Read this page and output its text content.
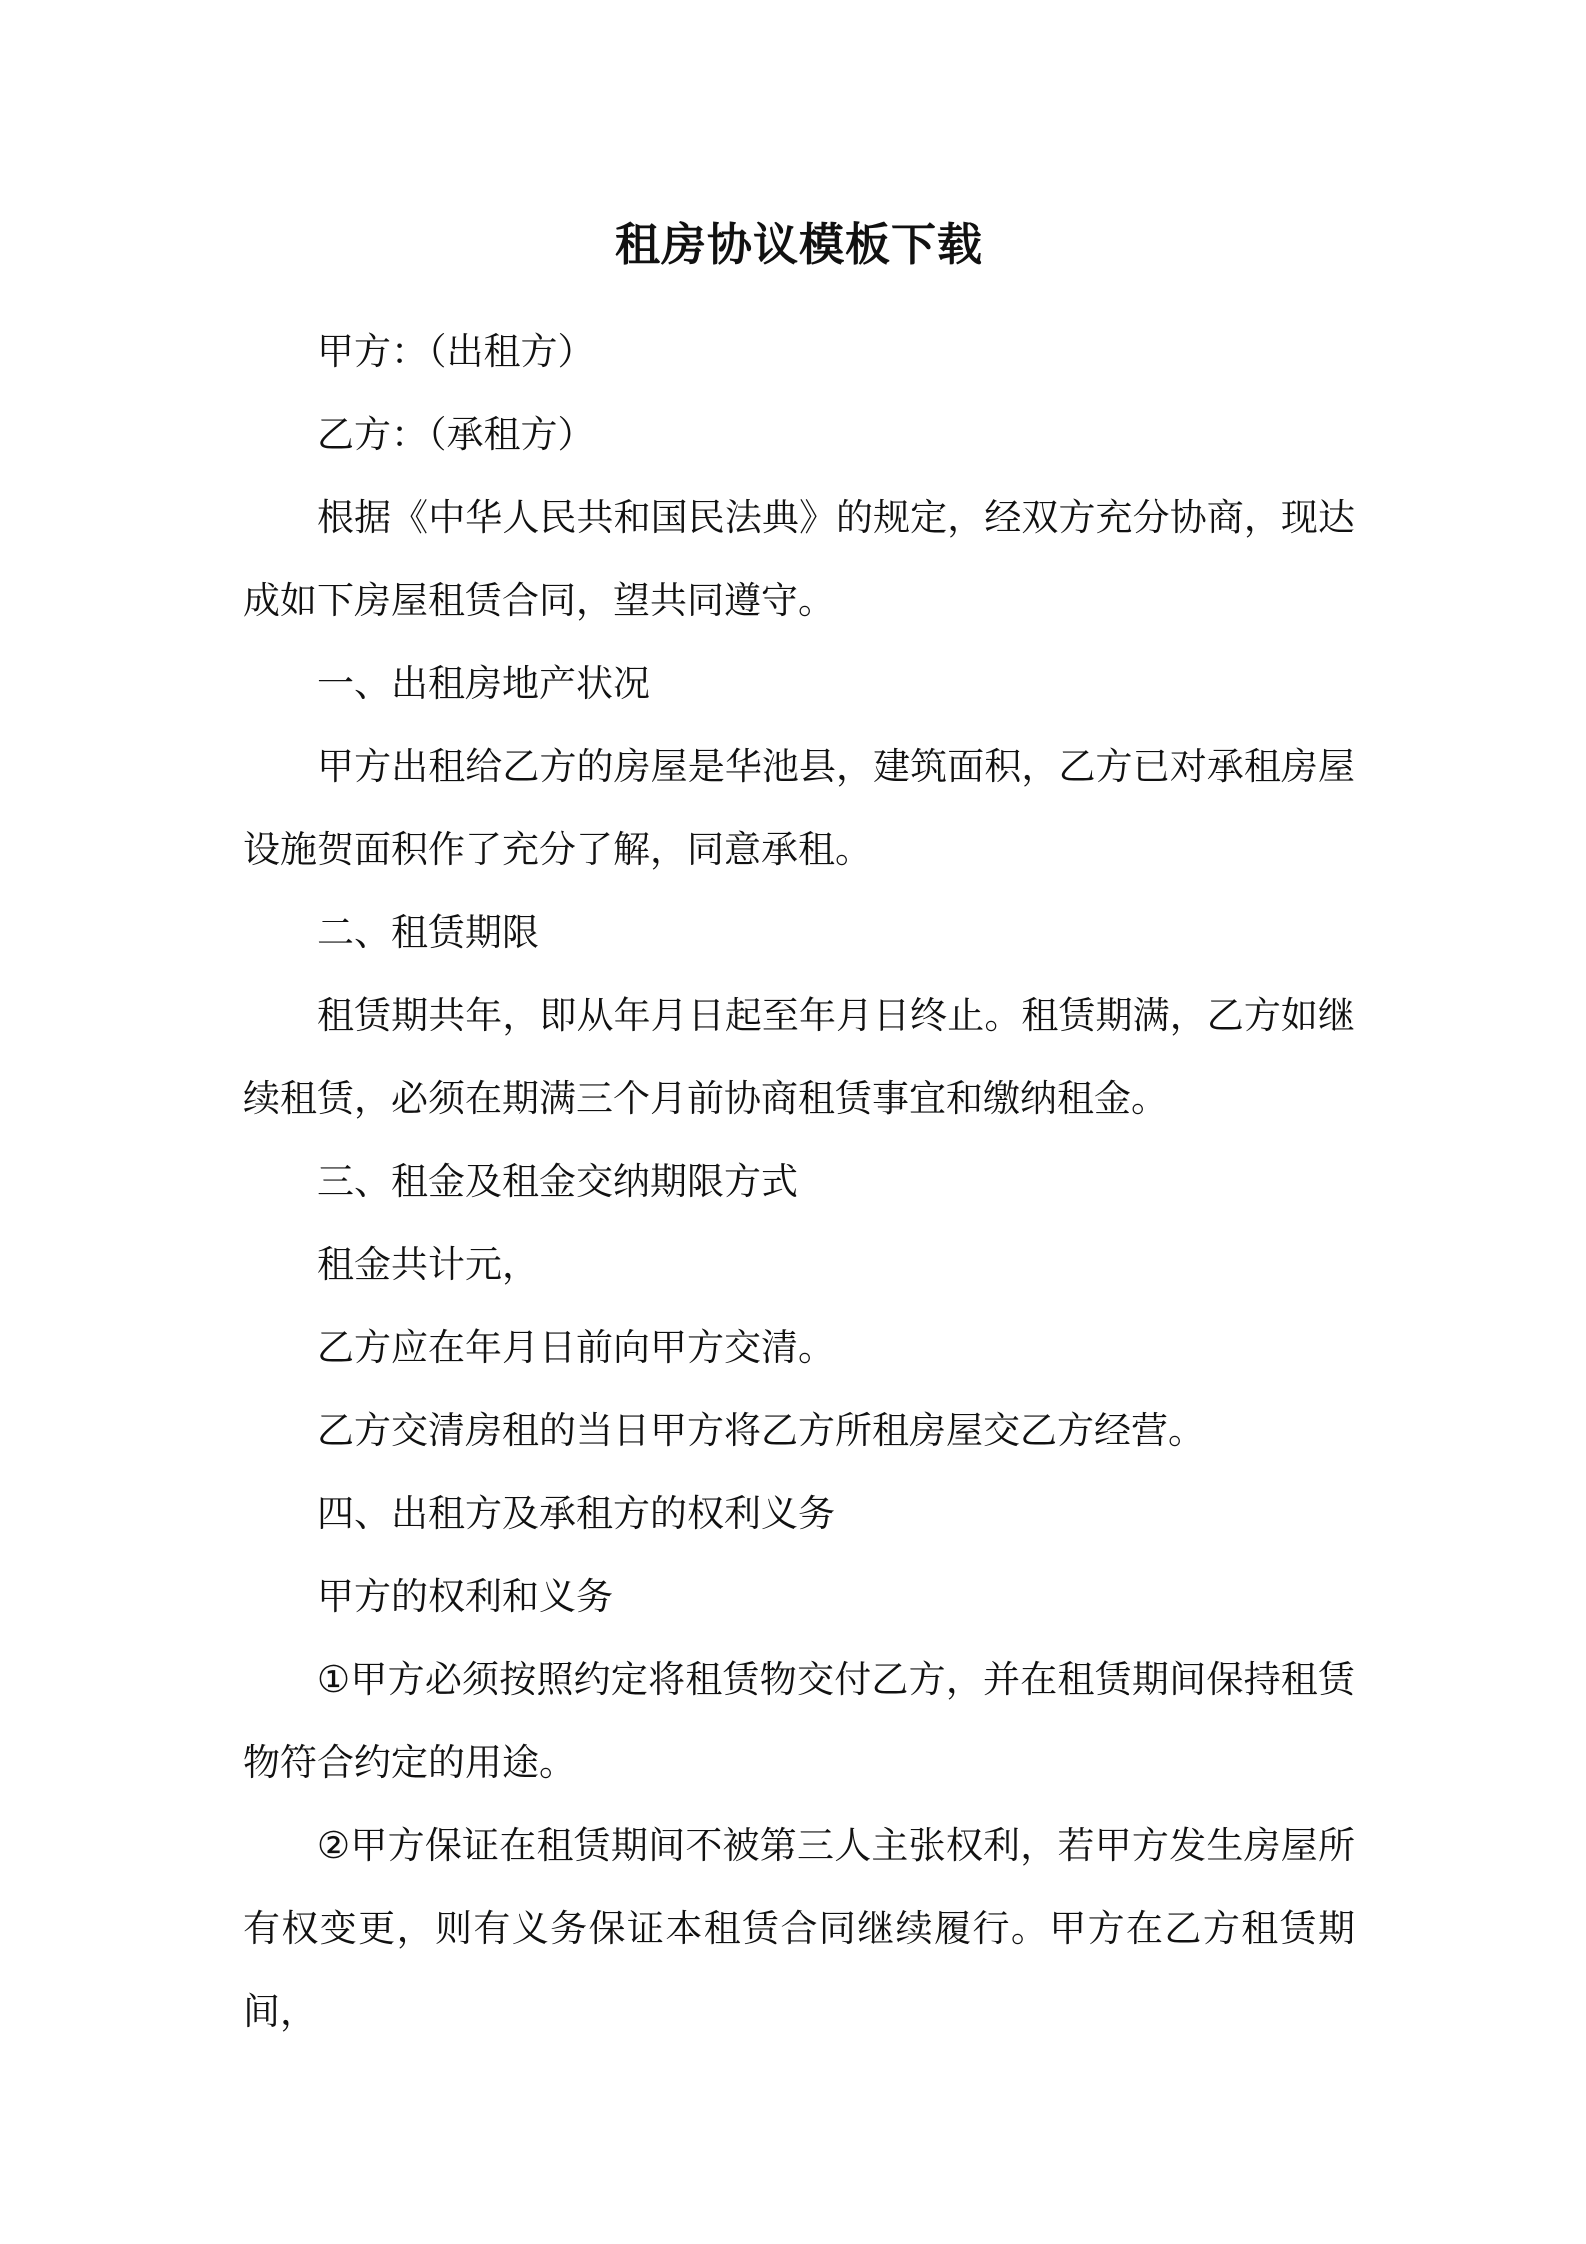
租房协议模板下载

甲方：（出租方）

乙方：（承租方）

根据《中华人民共和国民法典》的规定，经双方充分协商，现达成如下房屋租赁合同，望共同遵守。

一、出租房地产状况

甲方出租给乙方的房屋是华池县，建筑面积，乙方已对承租房屋设施贺面积作了充分了解，同意承租。

二、租赁期限

租赁期共年，即从年月日起至年月日终止。租赁期满，乙方如继续租赁，必须在期满三个月前协商租赁事宜和缴纳租金。

三、租金及租金交纳期限方式

租金共计元，

乙方应在年月日前向甲方交清。

乙方交清房租的当日甲方将乙方所租房屋交乙方经营。

四、出租方及承租方的权利义务

甲方的权利和义务

①甲方必须按照约定将租赁物交付乙方，并在租赁期间保持租赁物符合约定的用途。

②甲方保证在租赁期间不被第三人主张权利，若甲方发生房屋所有权变更，则有义务保证本租赁合同继续履行。甲方在乙方租赁期间，
